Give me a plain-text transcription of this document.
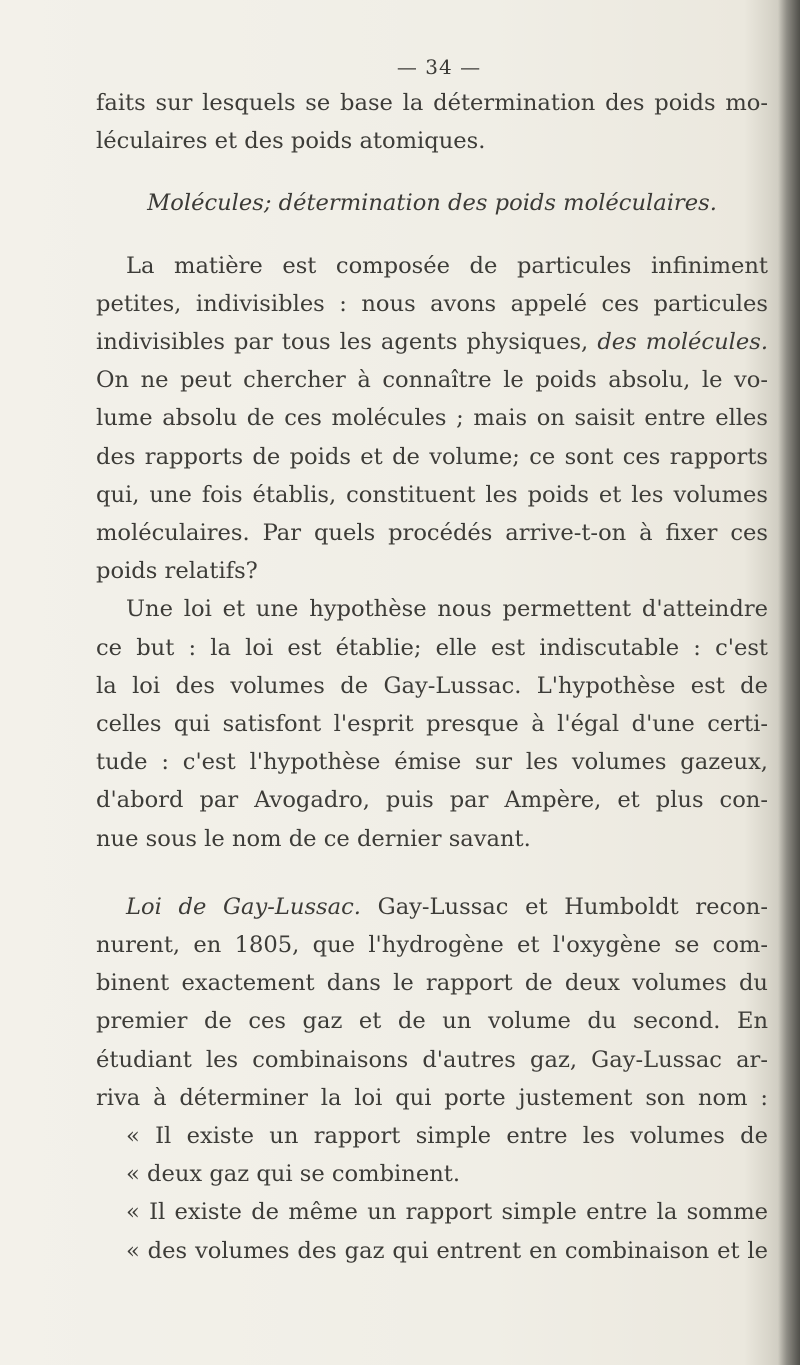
— 34 —
faits sur lesquels se base la détermination des poids mo-
léculaires et des poids atomiques.
Molécules; détermination des poids moléculaires.
La matière est composée de particules infiniment
petites, indivisibles : nous avons appelé ces particules
indivisibles par tous les agents physiques, des molécules.
On ne peut chercher à connaître le poids absolu, le vo-
lume absolu de ces molécules ; mais on saisit entre elles
des rapports de poids et de volume; ce sont ces rapports
qui, une fois établis, constituent les poids et les volumes
moléculaires. Par quels procédés arrive-t-on à fixer ces
poids relatifs?
Une loi et une hypothèse nous permettent d'atteindre
ce but : la loi est établie; elle est indiscutable : c'est
la loi des volumes de Gay-Lussac. L'hypothèse est de
celles qui satisfont l'esprit presque à l'égal d'une certi-
tude : c'est l'hypothèse émise sur les volumes gazeux,
d'abord par Avogadro, puis par Ampère, et plus con-
nue sous le nom de ce dernier savant.
Loi de Gay-Lussac. Gay-Lussac et Humboldt recon-
nurent, en 1805, que l'hydrogène et l'oxygène se com-
binent exactement dans le rapport de deux volumes du
premier de ces gaz et de un volume du second. En
étudiant les combinaisons d'autres gaz, Gay-Lussac ar-
riva à déterminer la loi qui porte justement son nom :
« Il existe un rapport simple entre les volumes de
« deux gaz qui se combinent.
« Il existe de même un rapport simple entre la somme
« des volumes des gaz qui entrent en combinaison et le
